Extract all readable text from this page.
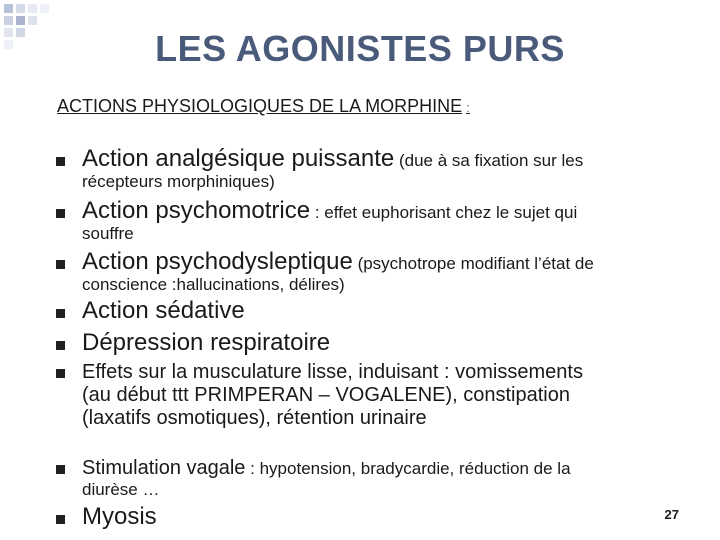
LES AGONISTES PURS
ACTIONS PHYSIOLOGIQUES DE LA MORPHINE :
Action analgésique puissante (due à sa fixation sur les
récepteurs morphiniques)
Action psychomotrice : effet euphorisant chez le sujet qui
souffre
Action psychodysleptique (psychotrope modifiant l’état de
conscience :hallucinations, délires)
Action sédative
Dépression respiratoire
Effets sur la musculature lisse, induisant : vomissements (au début ttt PRIMPERAN – VOGALENE), constipation (laxatifs osmotiques), rétention urinaire
Stimulation vagale : hypotension, bradycardie, réduction de la
diurèse …
Myosis	27
